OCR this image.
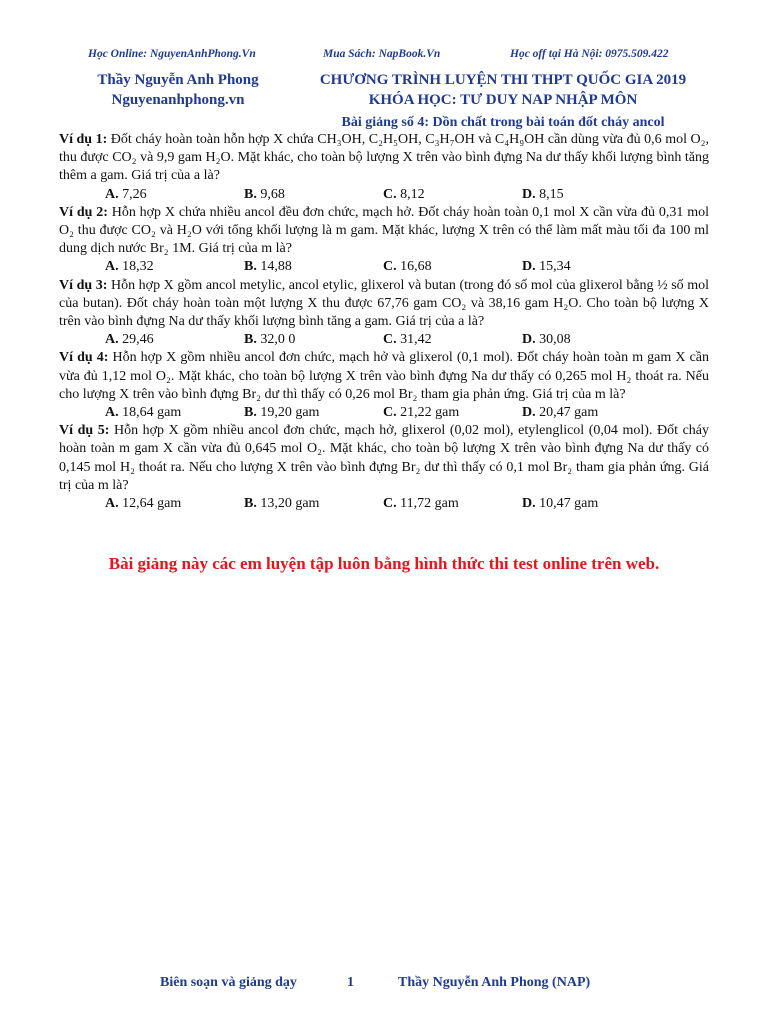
Học Online: NguyenAnhPhong.Vn	Mua Sách: NapBook.Vn	Học off tại Hà Nội: 0975.509.422
Thầy Nguyễn Anh Phong
Nguyenanhphong.vn
CHƯƠNG TRÌNH LUYỆN THI THPT QUỐC GIA 2019
KHÓA HỌC: TƯ DUY NAP NHẬP MÔN
Bài giảng số 4: Dồn chất trong bài toán đốt cháy ancol

Ví dụ 1: Đốt cháy hoàn toàn hỗn hợp X chứa CH₃OH, C₂H₅OH, C₃H₇OH và C₄H₉OH cần dùng vừa đủ 0,6 mol O₂, thu được CO₂ và 9,9 gam H₂O. Mặt khác, cho toàn bộ lượng X trên vào bình đựng Na dư thấy khối lượng bình tăng thêm a gam. Giá trị của a là?

A. 7,26	B. 9,68	C. 8,12	D. 8,15

Ví dụ 2: Hỗn hợp X chứa nhiều ancol đều đơn chức, mạch hở. Đốt cháy hoàn toàn 0,1 mol X cần vừa đủ 0,31 mol O₂ thu được CO₂ và H₂O với tổng khối lượng là m gam. Mặt khác, lượng X trên có thể làm mất màu tối đa 100 ml dung dịch nước Br₂ 1M. Giá trị của m là?

A. 18,32	B. 14,88	C. 16,68	D. 15,34

Ví dụ 3: Hỗn hợp X gồm ancol metylic, ancol etylic, glixerol và butan (trong đó số mol của glixerol bằng ½ số mol của butan). Đốt cháy hoàn toàn một lượng X thu được 67,76 gam CO₂ và 38,16 gam H₂O. Cho toàn bộ lượng X trên vào bình đựng Na dư thấy khối lượng bình tăng a gam. Giá trị của a là?

A. 29,46	B. 32,0 0	C. 31,42	D. 30,08

Ví dụ 4: Hỗn hợp X gồm nhiều ancol đơn chức, mạch hở và glixerol (0,1 mol). Đốt cháy hoàn toàn m gam X cần vừa đủ 1,12 mol O₂. Mặt khác, cho toàn bộ lượng X trên vào bình đựng Na dư thấy có 0,265 mol H₂ thoát ra. Nếu cho lượng X trên vào bình đựng Br₂ dư thì thấy có 0,26 mol Br₂ tham gia phản ứng. Giá trị của m là?

A. 18,64 gam	B. 19,20 gam	C. 21,22 gam	D. 20,47 gam

Ví dụ 5: Hỗn hợp X gồm nhiều ancol đơn chức, mạch hở, glixerol (0,02 mol), etylenglicol (0,04 mol). Đốt cháy hoàn toàn m gam X cần vừa đủ 0,645 mol O₂. Mặt khác, cho toàn bộ lượng X trên vào bình đựng Na dư thấy có 0,145 mol H₂ thoát ra. Nếu cho lượng X trên vào bình đựng Br₂ dư thì thấy có 0,1 mol Br₂ tham gia phản ứng. Giá trị của m là?

A. 12,64 gam	B. 13,20 gam	C. 11,72 gam	D. 10,47 gam
Bài giảng này các em luyện tập luôn bằng hình thức thi test online trên web.
Biên soạn và giảng dạy	1	Thầy Nguyễn Anh Phong (NAP)
